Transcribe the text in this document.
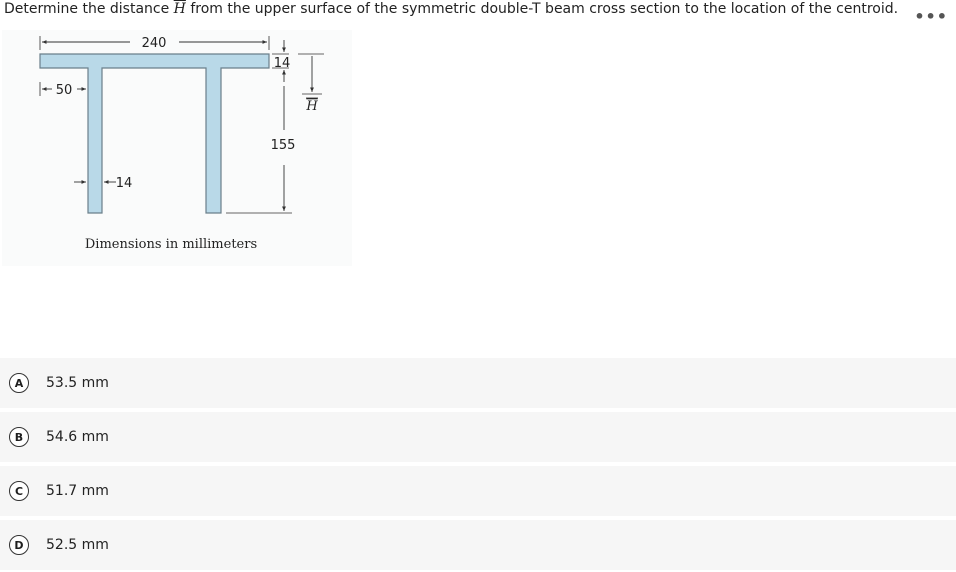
Determine the distance $\overline{H}$ from the upper surface of the symmetric double-T beam cross section to the location of the centroid. •••
240
50
14
14
155
H
Dimensions in millimeters
A	53.5 mm
B	54.6 mm
C	51.7 mm
D	52.5 mm
